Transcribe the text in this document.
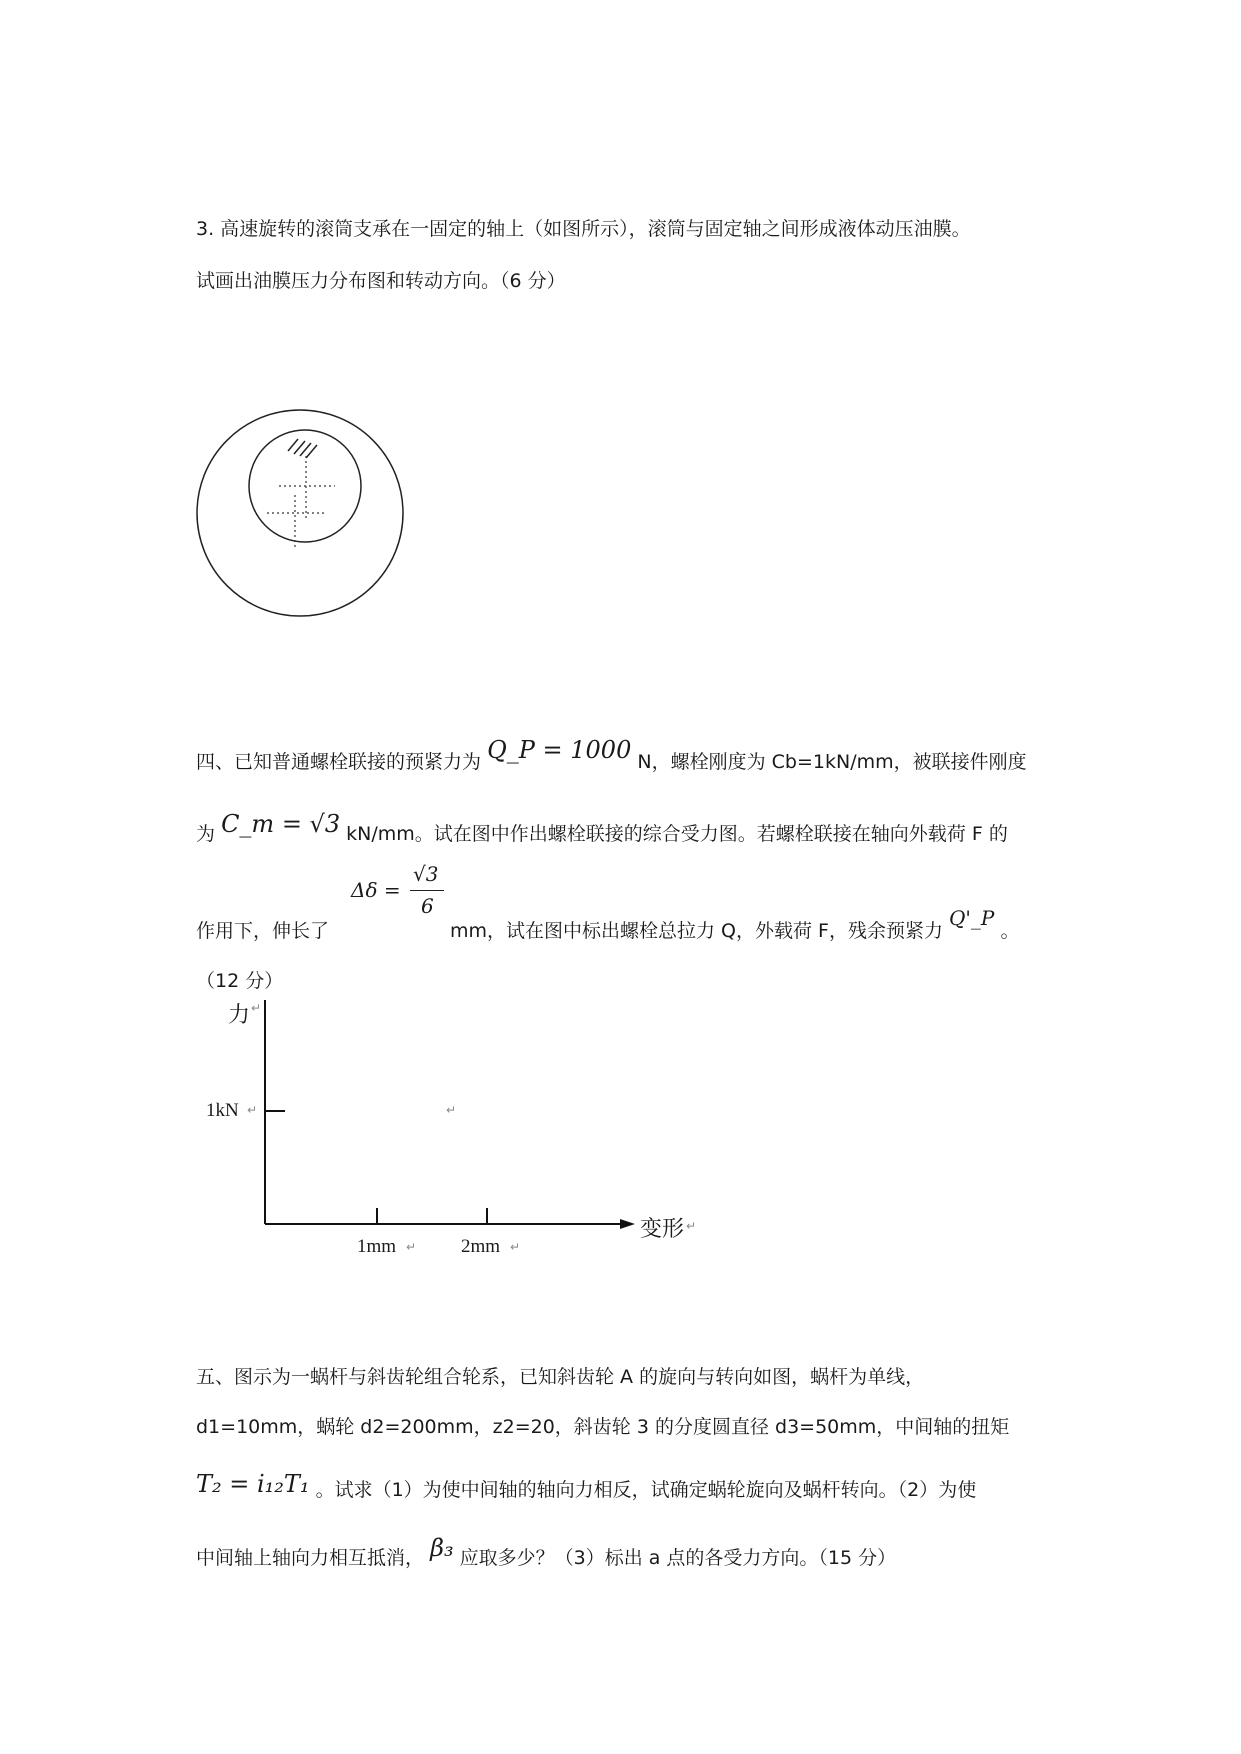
3. 高速旋转的滚筒支承在一固定的轴上（如图所示），滚筒与固定轴之间形成液体动压油膜。
试画出油膜压力分布图和转动方向。（6 分）
四、已知普通螺栓联接的预紧力为 Q_P = 1000 N，螺栓刚度为 Cb=1kN/mm，被联接件刚度
为 C_m = √3 kN/mm。试在图中作出螺栓联接的综合受力图。若螺栓联接在轴向外载荷 F 的
Δδ =
√3
6
作用下，伸长了	mm，试在图中标出螺栓总拉力 Q，外载荷 F，残余预紧力 Q'_P 。
（12 分）
力 ↵
1kN ↵	↵
变形 ↵
1mm ↵ 2mm ↵
五、图示为一蜗杆与斜齿轮组合轮系，已知斜齿轮 A 的旋向与转向如图，蜗杆为单线，
d1=10mm，蜗轮 d2=200mm，z2=20，斜齿轮 3 的分度圆直径 d3=50mm，中间轴的扭矩
T₂ = i₁₂T₁ 。试求（1）为使中间轴的轴向力相反，试确定蜗轮旋向及蜗杆转向。（2）为使
中间轴上轴向力相互抵消， β₃ 应取多少？（3）标出 a 点的各受力方向。（15 分）
